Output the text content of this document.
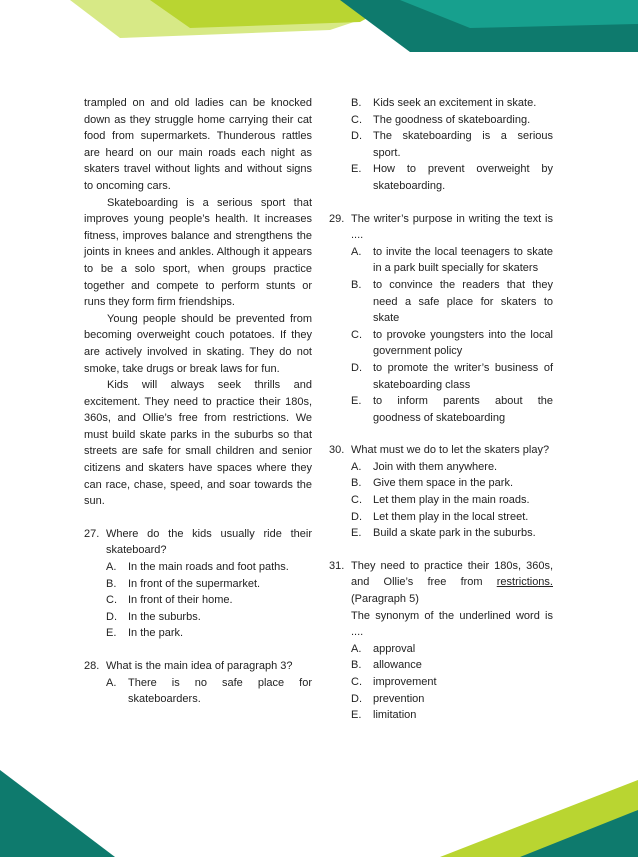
trampled on and old ladies can be knocked down as they struggle home carrying their cat food from supermarkets. Thunderous rattles are heard on our main roads each night as skaters travel without lights and without signs to oncoming cars.

Skateboarding is a serious sport that improves young people’s health. It increases fitness, improves balance and strengthens the joints in knees and ankles. Although it appears to be a solo sport, when groups practice together and compete to perform stunts or runs they form firm friendships.

Young people should be prevented from becoming overweight couch potatoes. If they are actively involved in skating. They do not smoke, take drugs or break laws for fun.

Kids will always seek thrills and excitement. They need to practice their 180s, 360s, and Ollie’s free from restrictions. We must build skate parks in the suburbs so that streets are safe for small children and senior citizens and skaters have spaces where they can race, chase, speed, and soar towards the sun.

27. Where do the kids usually ride their skateboard?
A.	In the main roads and foot paths.
B.	In front of the supermarket.
C.	In front of their home.
D.	In the suburbs.
E.	In the park.
28. What is the main idea of paragraph 3?
A.	There is no safe place for skateboarders.
B.	Kids seek an excitement in skate.
C.	The goodness of skateboarding.
D.	The skateboarding is a serious sport.
E.	How to prevent overweight by skateboarding.
29. The writer’s purpose in writing the text is ....
A.	to invite the local teenagers to skate in a park built specially for skaters
B.	to convince the readers that they need a safe place for skaters to skate
C.	to provoke youngsters into the local government policy
D.	to promote the writer’s business of skateboarding class
E.	to inform parents about the goodness of skateboarding
30. What must we do to let the skaters play?
A.	Join with them anywhere.
B.	Give them space in the park.
C.	Let them play in the main roads.
D.	Let them play in the local street.
E.	Build a skate park in the suburbs.
31. They need to practice their 180s, 360s, and Ollie’s free from restrictions. (Paragraph 5)

The synonym of the underlined word is ....

A.	approval
B.	allowance
C.	improvement
D.	prevention
E.	limitation
